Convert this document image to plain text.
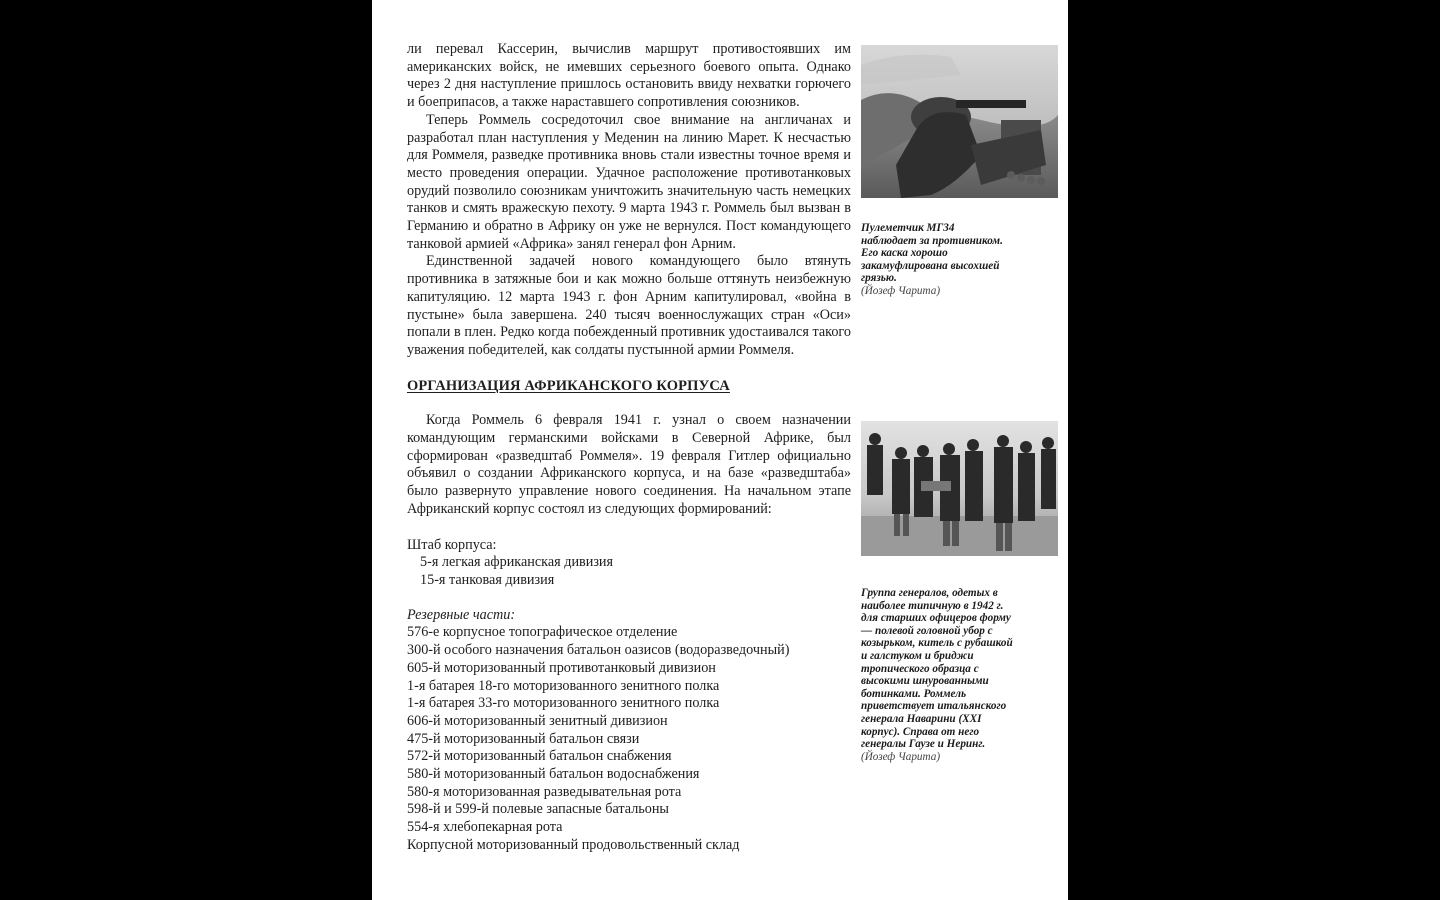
ли перевал Кассерин, вычислив маршрут противостоявших им американских войск, не имевших серьезного боевого опыта. Однако через 2 дня наступление пришлось остановить ввиду нехватки горючего и боеприпасов, а также нараставшего сопротивления союзников.

Теперь Роммель сосредоточил свое внимание на англичанах и разработал план наступления у Меденин на линию Марет. К несчастью для Роммеля, разведке противника вновь стали известны точное время и место проведения операции. Удачное расположение противотанковых орудий позволило союзникам уничтожить значительную часть немецких танков и смять вражескую пехоту. 9 марта 1943 г. Роммель был вызван в Германию и обратно в Африку он уже не вернулся. Пост командующего танковой армией «Африка» занял генерал фон Арним.

Единственной задачей нового командующего было втянуть противника в затяжные бои и как можно больше оттянуть неизбежную капитуляцию. 12 марта 1943 г. фон Арним капитулировал, «война в пустыне» была завершена. 240 тысяч военнослужащих стран «Оси» попали в плен. Редко когда побежденный противник удостаивался такого уважения победителей, как солдаты пустынной армии Роммеля.

ОРГАНИЗАЦИЯ АФРИКАНСКОГО КОРПУСА

Когда Роммель 6 февраля 1941 г. узнал о своем назначении командующим германскими войсками в Северной Африке, был сформирован «разведштаб Роммеля». 19 февраля Гитлер официально объявил о создании Африканского корпуса, и на базе «разведштаба» было развернуто управление нового соединения. На начальном этапе Африканский корпус состоял из следующих формирований:

Штаб корпуса:
5-я легкая африканская дивизия
15-я танковая дивизия
Резервные части:
576-е корпусное топографическое отделение
300-й особого назначения батальон оазисов (водоразведочный)
605-й моторизованный противотанковый дивизион
1-я батарея 18-го моторизованного зенитного полка
1-я батарея 33-го моторизованного зенитного полка
606-й моторизованный зенитный дивизион
475-й моторизованный батальон связи
572-й моторизованный батальон снабжения
580-й моторизованный батальон водоснабжения
580-я моторизованная разведывательная рота
598-й и 599-й полевые запасные батальоны
554-я хлебопекарная рота
Корпусной моторизованный продовольственный склад
Пулеметчик МГ34 наблюдает за противником. Его каска хорошо закамуфлирована высохшей грязью.
(Йозеф Чарита)
Группа генералов, одетых в наиболее типичную в 1942 г. для старших офицеров форму — полевой головной убор с козырьком, китель с рубашкой и галстуком и бриджи тропического образца с высокими шнурованными ботинками. Роммель приветствует итальянского генерала Наварини (XXI корпус). Справа от него генералы Гаузе и Неринг.
(Йозеф Чарита)
